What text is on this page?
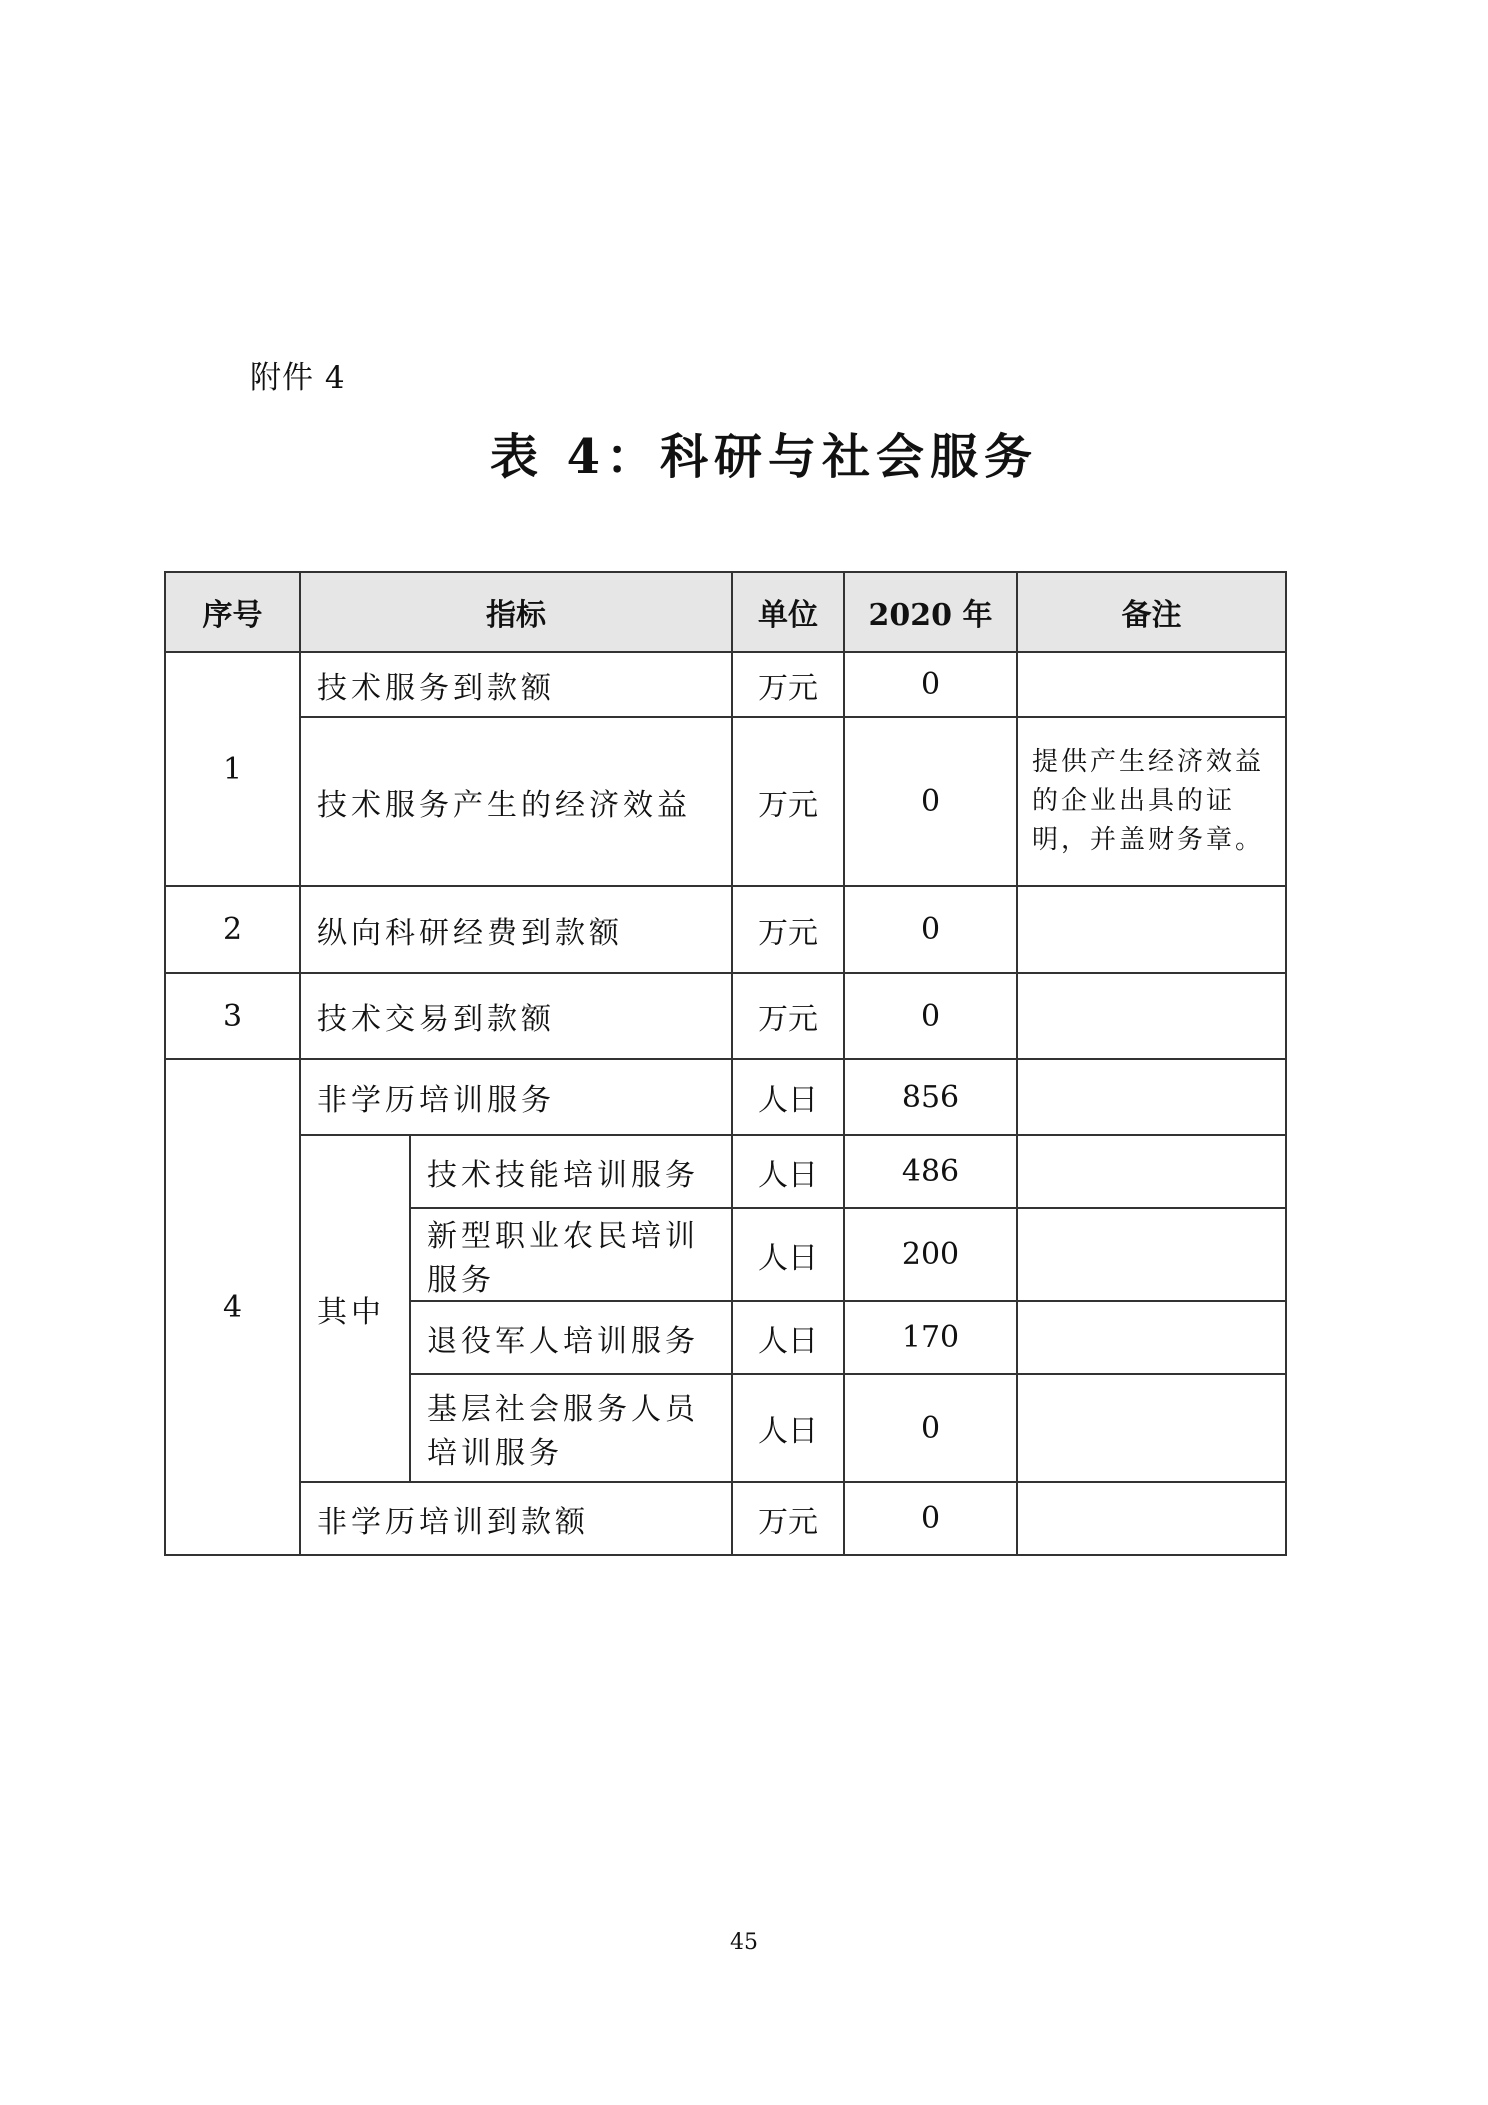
附件 4
表 4：科研与社会服务
序号	指标		单位	2020 年	备注
1	技术服务到款额		万元	0	
	技术服务产生的经济效益		万元	0	提供产生经济效益的企业出具的证明，并盖财务章。
2	纵向科研经费到款额		万元	0	
3	技术交易到款额		万元	0	
4	非学历培训服务		人日	856	
	其中	技术技能培训服务	人日	486	
		新型职业农民培训服务	人日	200	
		退役军人培训服务	人日	170	
		基层社会服务人员培训服务	人日	0	
	非学历培训到款额		万元	0	
45
